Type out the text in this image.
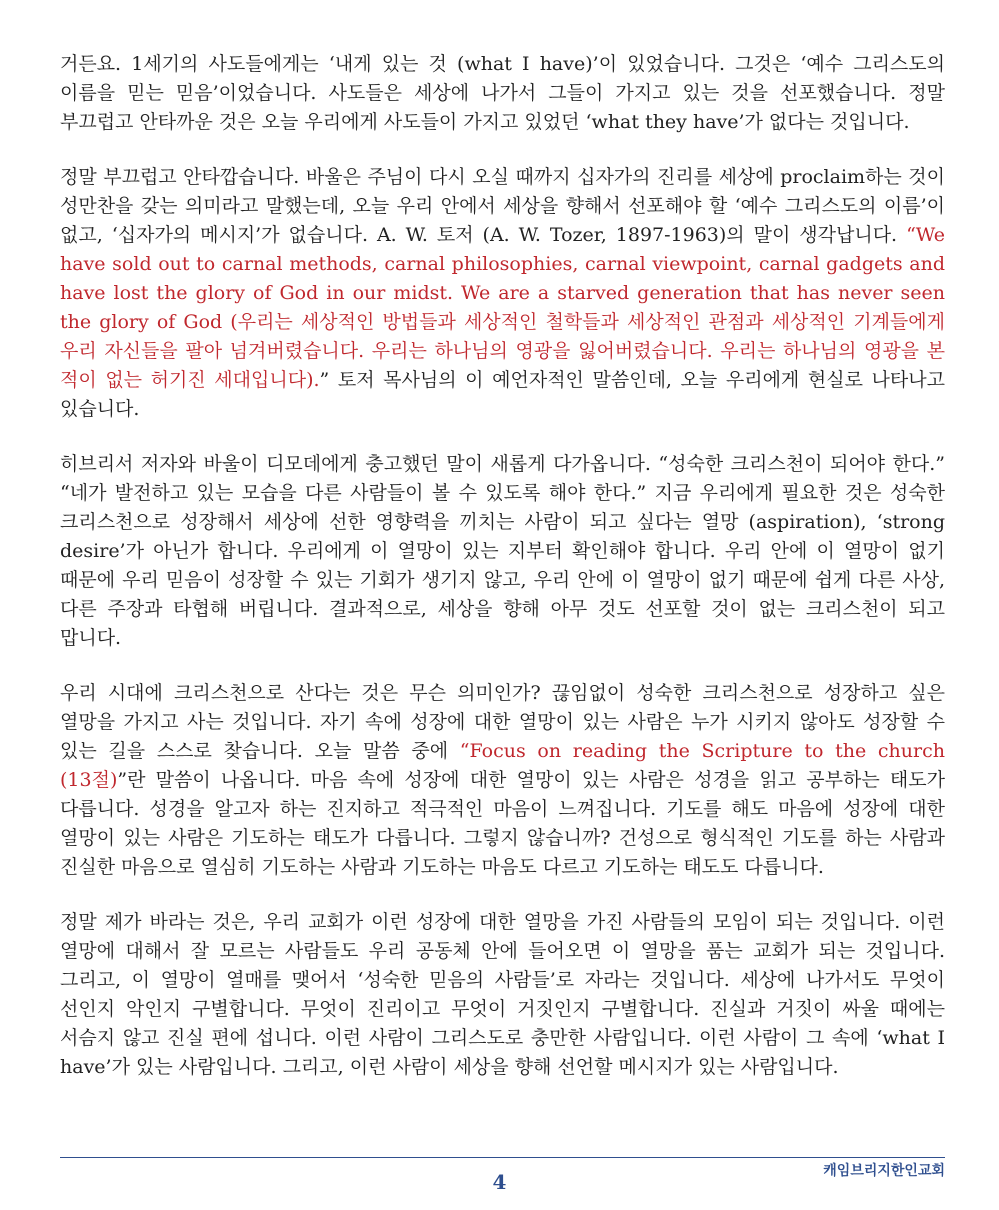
거든요. 1세기의 사도들에게는 ‘내게 있는 것 (what I have)’이 있었습니다. 그것은 ‘예수 그리스도의 이름을 믿는 믿음’이었습니다. 사도들은 세상에 나가서 그들이 가지고 있는 것을 선포했습니다. 정말 부끄럽고 안타까운 것은 오늘 우리에게 사도들이 가지고 있었던 ‘what they have’가 없다는 것입니다.

정말 부끄럽고 안타깝습니다. 바울은 주님이 다시 오실 때까지 십자가의 진리를 세상에 proclaim하는 것이 성만찬을 갖는 의미라고 말했는데, 오늘 우리 안에서 세상을 향해서 선포해야 할 ‘예수 그리스도의 이름’이 없고, ‘십자가의 메시지’가 없습니다. A. W. 토저 (A. W. Tozer, 1897-1963)의 말이 생각납니다. “We have sold out to carnal methods, carnal philosophies, carnal viewpoint, carnal gadgets and have lost the glory of God in our midst. We are a starved generation that has never seen the glory of God (우리는 세상적인 방법들과 세상적인 철학들과 세상적인 관점과 세상적인 기계들에게 우리 자신들을 팔아 넘겨버렸습니다. 우리는 하나님의 영광을 잃어버렸습니다. 우리는 하나님의 영광을 본 적이 없는 허기진 세대입니다).” 토저 목사님의 이 예언자적인 말씀인데, 오늘 우리에게 현실로 나타나고 있습니다.

히브리서 저자와 바울이 디모데에게 충고했던 말이 새롭게 다가옵니다. “성숙한 크리스천이 되어야 한다.” “네가 발전하고 있는 모습을 다른 사람들이 볼 수 있도록 해야 한다.” 지금 우리에게 필요한 것은 성숙한 크리스천으로 성장해서 세상에 선한 영향력을 끼치는 사람이 되고 싶다는 열망 (aspiration), ‘strong desire’가 아닌가 합니다. 우리에게 이 열망이 있는 지부터 확인해야 합니다. 우리 안에 이 열망이 없기 때문에 우리 믿음이 성장할 수 있는 기회가 생기지 않고, 우리 안에 이 열망이 없기 때문에 쉽게 다른 사상, 다른 주장과 타협해 버립니다. 결과적으로, 세상을 향해 아무 것도 선포할 것이 없는 크리스천이 되고 맙니다.

우리 시대에 크리스천으로 산다는 것은 무슨 의미인가? 끊임없이 성숙한 크리스천으로 성장하고 싶은 열망을 가지고 사는 것입니다. 자기 속에 성장에 대한 열망이 있는 사람은 누가 시키지 않아도 성장할 수 있는 길을 스스로 찾습니다. 오늘 말씀 중에 “Focus on reading the Scripture to the church (13절)”란 말씀이 나옵니다. 마음 속에 성장에 대한 열망이 있는 사람은 성경을 읽고 공부하는 태도가 다릅니다. 성경을 알고자 하는 진지하고 적극적인 마음이 느껴집니다. 기도를 해도 마음에 성장에 대한 열망이 있는 사람은 기도하는 태도가 다릅니다. 그렇지 않습니까? 건성으로 형식적인 기도를 하는 사람과 진실한 마음으로 열심히 기도하는 사람과 기도하는 마음도 다르고 기도하는 태도도 다릅니다.

정말 제가 바라는 것은, 우리 교회가 이런 성장에 대한 열망을 가진 사람들의 모임이 되는 것입니다. 이런 열망에 대해서 잘 모르는 사람들도 우리 공동체 안에 들어오면 이 열망을 품는 교회가 되는 것입니다. 그리고, 이 열망이 열매를 맺어서 ‘성숙한 믿음의 사람들’로 자라는 것입니다. 세상에 나가서도 무엇이 선인지 악인지 구별합니다. 무엇이 진리이고 무엇이 거짓인지 구별합니다. 진실과 거짓이 싸울 때에는 서슴지 않고 진실 편에 섭니다. 이런 사람이 그리스도로 충만한 사람입니다. 이런 사람이 그 속에 ‘what I have’가 있는 사람입니다. 그리고, 이런 사람이 세상을 향해 선언할 메시지가 있는 사람입니다.

4	캐임브리지한인교회
